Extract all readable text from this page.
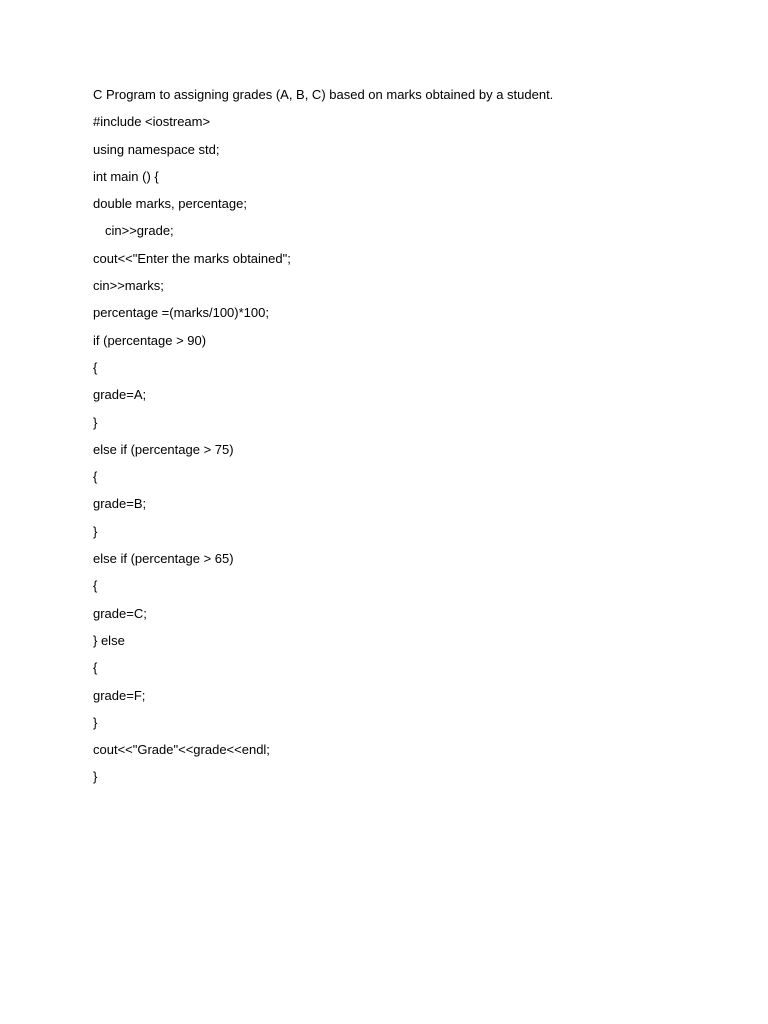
C Program to assigning grades (A, B, C) based on marks obtained by a student.
#include <iostream>
using namespace std;
int main () {
double marks, percentage;
cin>>grade;
cout<<"Enter the marks obtained";
cin>>marks;
percentage =(marks/100)*100;
if (percentage > 90)
{
grade=A;
}
else if (percentage > 75)
{
grade=B;
}
else if (percentage > 65)
{
grade=C;
} else
{
grade=F;
}
cout<<"Grade"<<grade<<endl;
}
